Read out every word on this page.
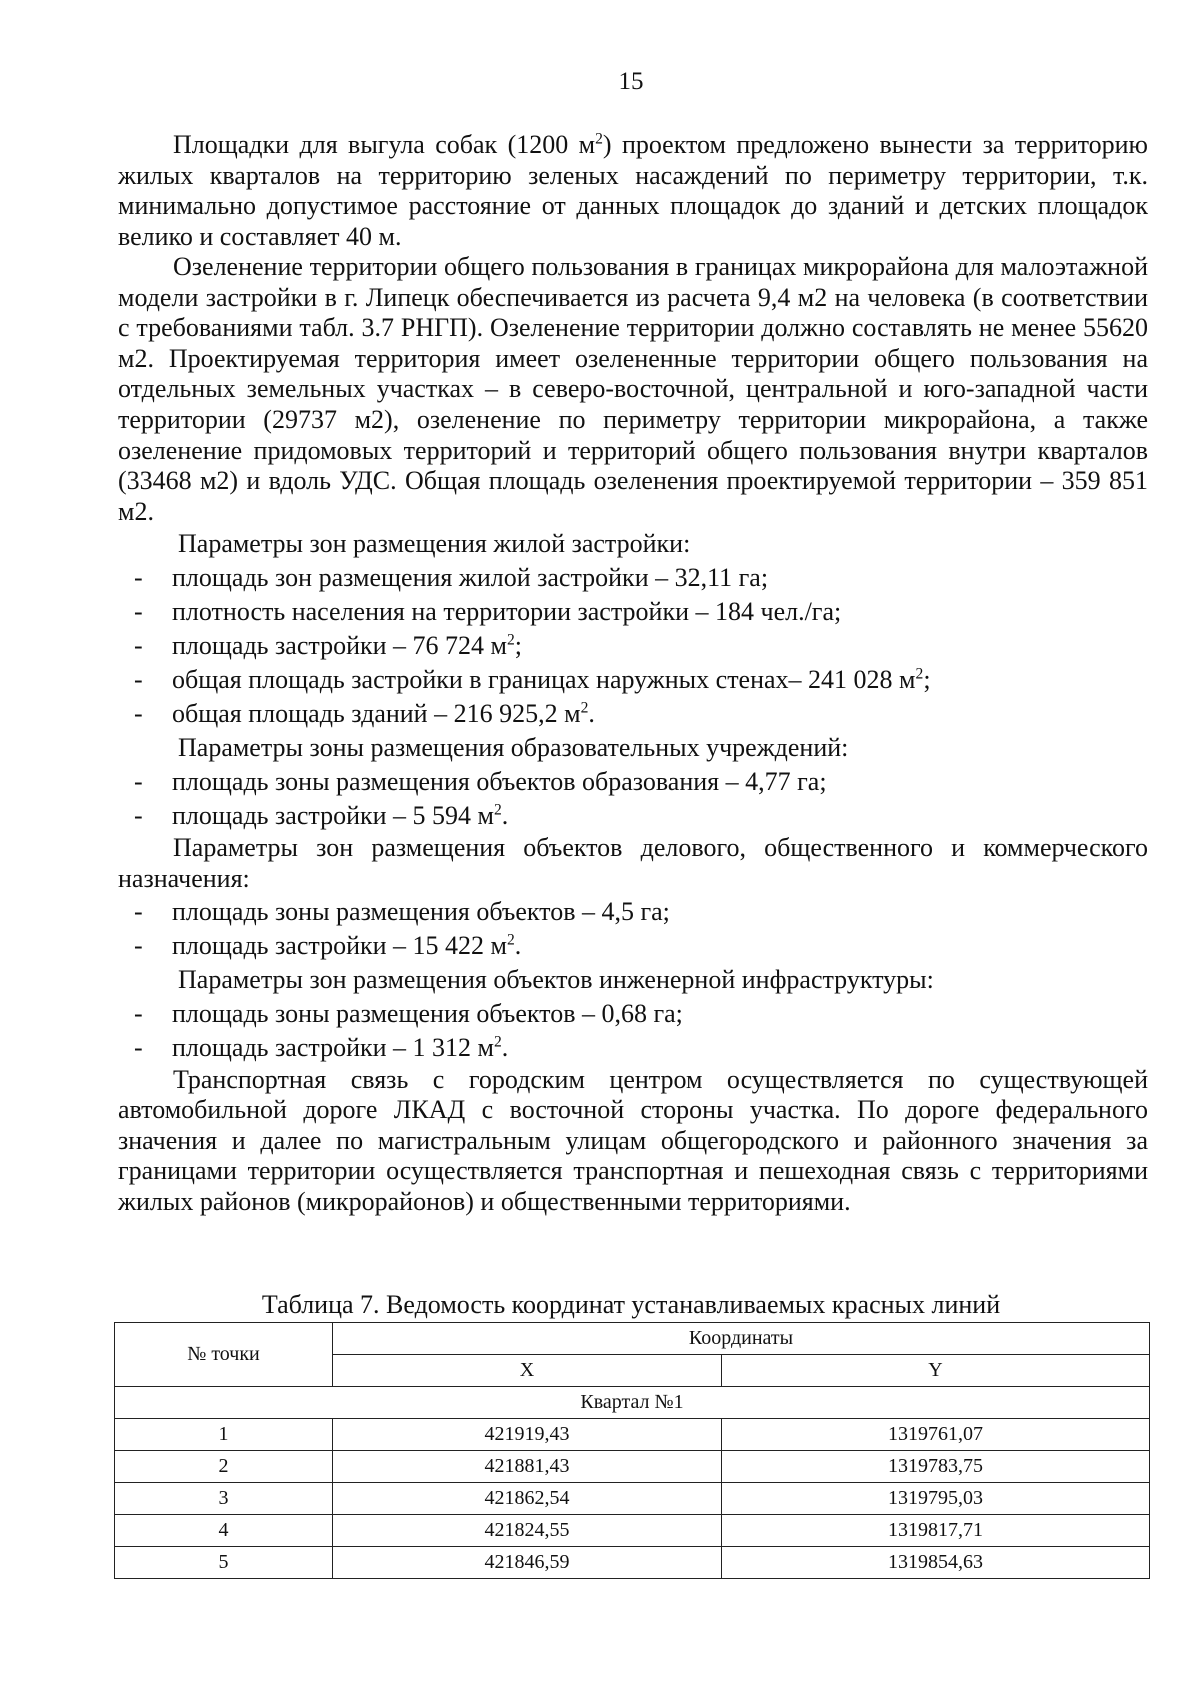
15

Площадки для выгула собак (1200 $м^2$) проектом предложено вынести за территорию жилых кварталов на территорию зеленых насаждений по периметру территории, т.к. минимально допустимое расстояние от данных площадок до зданий и детских площадок велико и составляет 40 м.

Озеленение территории общего пользования в границах микрорайона для малоэтажной модели застройки в г. Липецк обеспечивается из расчета 9,4 м2 на человека (в соответствии с требованиями табл. 3.7 РНГП). Озеленение территории должно составлять не менее 55620 м2. Проектируемая территория имеет озелененные территории общего пользования на отдельных земельных участках – в северо-восточной, центральной и юго-западной части территории (29737 м2), озеленение по периметру территории микрорайона, а также озеленение придомовых территорий и территорий общего пользования внутри кварталов (33468 м2) и вдоль УДС. Общая площадь озеленения проектируемой территории – 359 851 м2.

Параметры зон размещения жилой застройки:

- площадь зон размещения жилой застройки – 32,11 га;

- плотность населения на территории застройки – 184 чел./га;

- площадь застройки – 76 724 $м^2$;

- общая площадь застройки в границах наружных стенах– 241 028 $м^2$;

- общая площадь зданий – 216 925,2 $м^2$.

Параметры зоны размещения образовательных учреждений:

- площадь зоны размещения объектов образования – 4,77 га;

- площадь застройки – 5 594 $м^2$.

Параметры зон размещения объектов делового, общественного и коммерческого назначения:

- площадь зоны размещения объектов – 4,5 га;

- площадь застройки – 15 422 $м^2$.

Параметры зон размещения объектов инженерной инфраструктуры:

- площадь зоны размещения объектов – 0,68 га;

- площадь застройки – 1 312 $м^2$.

Транспортная связь с городским центром осуществляется по существующей автомобильной дороге ЛКАД с восточной стороны участка. По дороге федерального значения и далее по магистральным улицам общегородского и районного значения за границами территории осуществляется транспортная и пешеходная связь с территориями жилых районов (микрорайонов) и общественными территориями.

Таблица 7. Ведомость координат устанавливаемых красных линий
№ точки	Координаты	
	X	Y
Квартал №1		
1	421919,43	1319761,07
2	421881,43	1319783,75
3	421862,54	1319795,03
4	421824,55	1319817,71
5	421846,59	1319854,63
